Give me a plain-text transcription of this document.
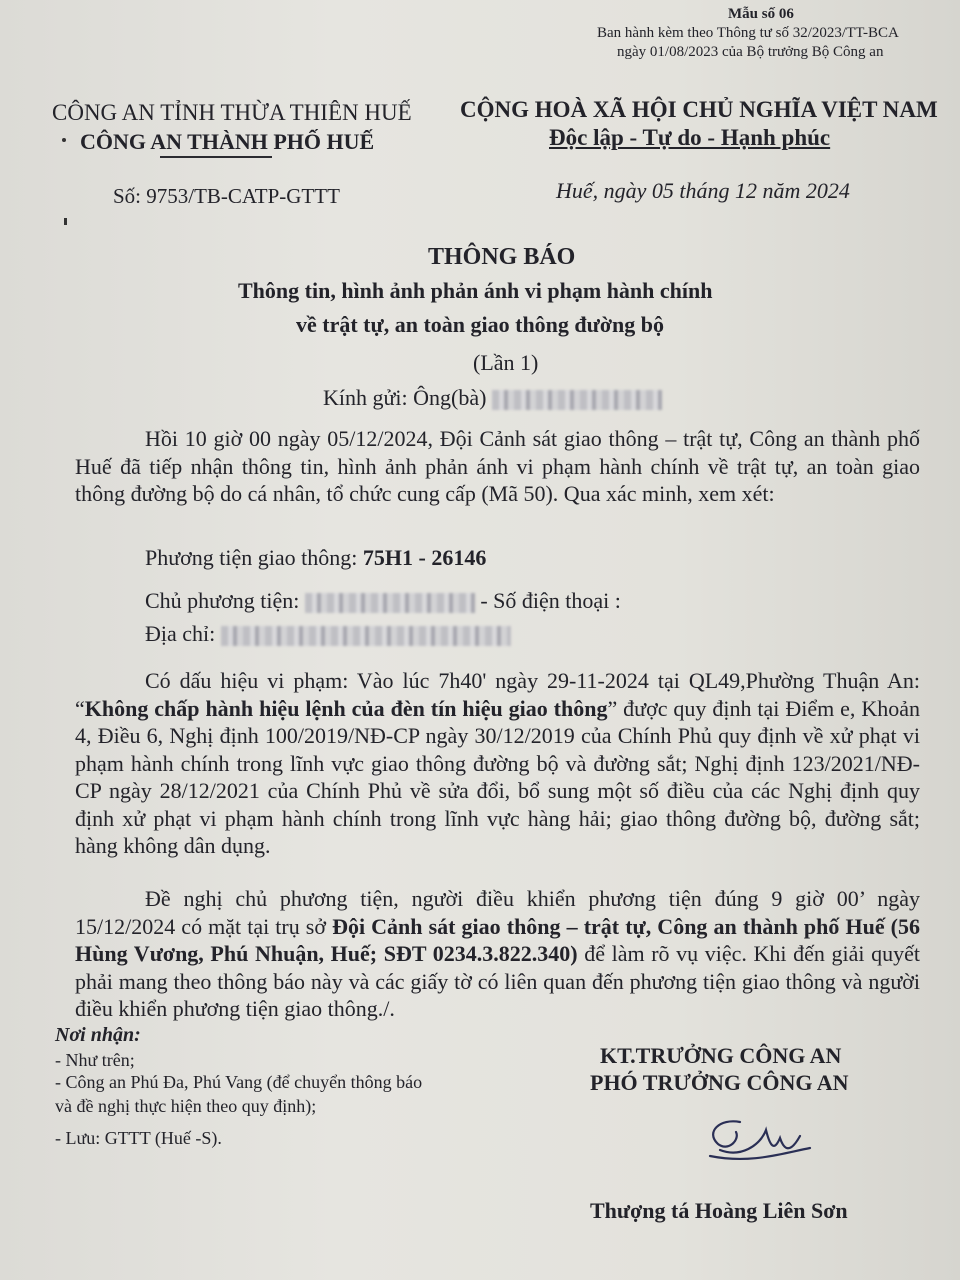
Mẫu số 06
Ban hành kèm theo Thông tư số 32/2023/TT-BCA
ngày 01/08/2023 của Bộ trưởng Bộ Công an
CÔNG AN TỈNH THỪA THIÊN HUẾ
CÔNG AN THÀNH PHỐ HUẾ
Số: 9753/TB-CATP-GTTT
CỘNG HOÀ XÃ HỘI CHỦ NGHĨA VIỆT NAM
Độc lập - Tự do - Hạnh phúc
Huế, ngày 05 tháng 12 năm 2024
THÔNG BÁO
Thông tin, hình ảnh phản ánh vi phạm hành chính
về trật tự, an toàn giao thông đường bộ
(Lần 1)
Kính gửi: Ông(bà)

Hồi 10 giờ 00 ngày 05/12/2024, Đội Cảnh sát giao thông – trật tự, Công an thành phố Huế đã tiếp nhận thông tin, hình ảnh phản ánh vi phạm hành chính về trật tự, an toàn giao thông đường bộ do cá nhân, tổ chức cung cấp (Mã 50). Qua xác minh, xem xét:

Phương tiện giao thông: 75H1 - 26146
Chủ phương tiện:	- Số điện thoại :
Địa chỉ:

Có dấu hiệu vi phạm: Vào lúc 7h40' ngày 29-11-2024 tại QL49,Phường Thuận An: “Không chấp hành hiệu lệnh của đèn tín hiệu giao thông” được quy định tại Điểm e, Khoản 4, Điều 6, Nghị định 100/2019/NĐ-CP ngày 30/12/2019 của Chính Phủ quy định về xử phạt vi phạm hành chính trong lĩnh vực giao thông đường bộ và đường sắt; Nghị định 123/2021/NĐ-CP ngày 28/12/2021 của Chính Phủ về sửa đổi, bổ sung một số điều của các Nghị định quy định xử phạt vi phạm hành chính trong lĩnh vực hàng hải; giao thông đường bộ, đường sắt; hàng không dân dụng.

Đề nghị chủ phương tiện, người điều khiển phương tiện đúng 9 giờ 00’ ngày 15/12/2024 có mặt tại trụ sở Đội Cảnh sát giao thông – trật tự, Công an thành phố Huế (56 Hùng Vương, Phú Nhuận, Huế; SĐT 0234.3.822.340) để làm rõ vụ việc. Khi đến giải quyết phải mang theo thông báo này và các giấy tờ có liên quan đến phương tiện giao thông và người điều khiển phương tiện giao thông./.

Nơi nhận:
- Như trên;
- Công an Phú Đa, Phú Vang (để chuyển thông báo
và đề nghị thực hiện theo quy định);
- Lưu: GTTT (Huế -S).
KT.TRƯỞNG CÔNG AN
PHÓ TRƯỞNG CÔNG AN
Thượng tá Hoàng Liên Sơn
